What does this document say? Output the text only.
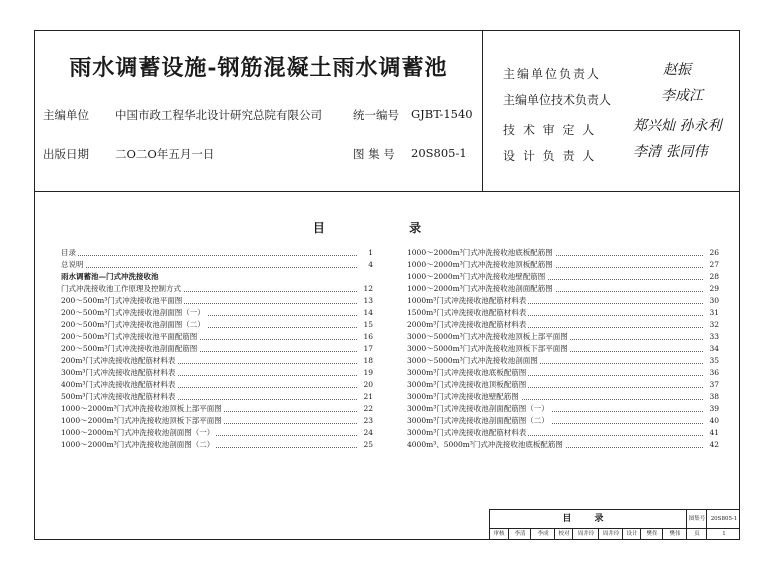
雨水调蓄设施-钢筋混凝土雨水调蓄池
主编单位 中国市政工程华北设计研究总院有限公司	统一编号 GJBT-1540
出版日期 二O二O年五月一日	图 集 号 20S805-1
主编单位负责人	赵振
主编单位技术负责人	李成江
技 术 审 定 人	郑兴灿 孙永利
设 计 负 责 人	李清 张同伟
目 录
目录	1
总说明	4
雨水调蓄池—门式冲洗接收池
门式冲洗接收池工作原理及控制方式	12
200～500m³门式冲洗接收池平面图	13
200～500m³门式冲洗接收池剖面图（一）	14
200～500m³门式冲洗接收池剖面图（二）	15
200～500m³门式冲洗接收池平面配筋图	16
200～500m³门式冲洗接收池剖面配筋图	17
200m³门式冲洗接收池配筋材料表	18
300m³门式冲洗接收池配筋材料表	19
400m³门式冲洗接收池配筋材料表	20
500m³门式冲洗接收池配筋材料表	21
1000～2000m³门式冲洗接收池顶板上部平面图	22
1000～2000m³门式冲洗接收池顶板下部平面图	23
1000～2000m³门式冲洗接收池剖面图（一）	24
1000～2000m³门式冲洗接收池剖面图（二）	25
1000～2000m³门式冲洗接收池底板配筋图	26
1000～2000m³门式冲洗接收池顶板配筋图	27
1000～2000m³门式冲洗接收池壁配筋图	28
1000～2000m³门式冲洗接收池剖面配筋图	29
1000m³门式冲洗接收池配筋材料表	30
1500m³门式冲洗接收池配筋材料表	31
2000m³门式冲洗接收池配筋材料表	32
3000～5000m³门式冲洗接收池顶板上部平面图	33
3000～5000m³门式冲洗接收池顶板下部平面图	34
3000～5000m³门式冲洗接收池剖面图	35
3000m³门式冲洗接收池底板配筋图	36
3000m³门式冲洗接收池顶板配筋图	37
3000m³门式冲洗接收池壁配筋图	38
3000m³门式冲洗接收池剖面配筋图（一）	39
3000m³门式冲洗接收池剖面配筋图（二）	40
3000m³门式冲洗接收池配筋材料表	41
4000m³、5000m³门式冲洗接收池底板配筋图	42
目 录	图集号 20S805-1
审核	李清	李成	校对	周井玲	周井玲	设计	樊佟	樊伟	页	1
